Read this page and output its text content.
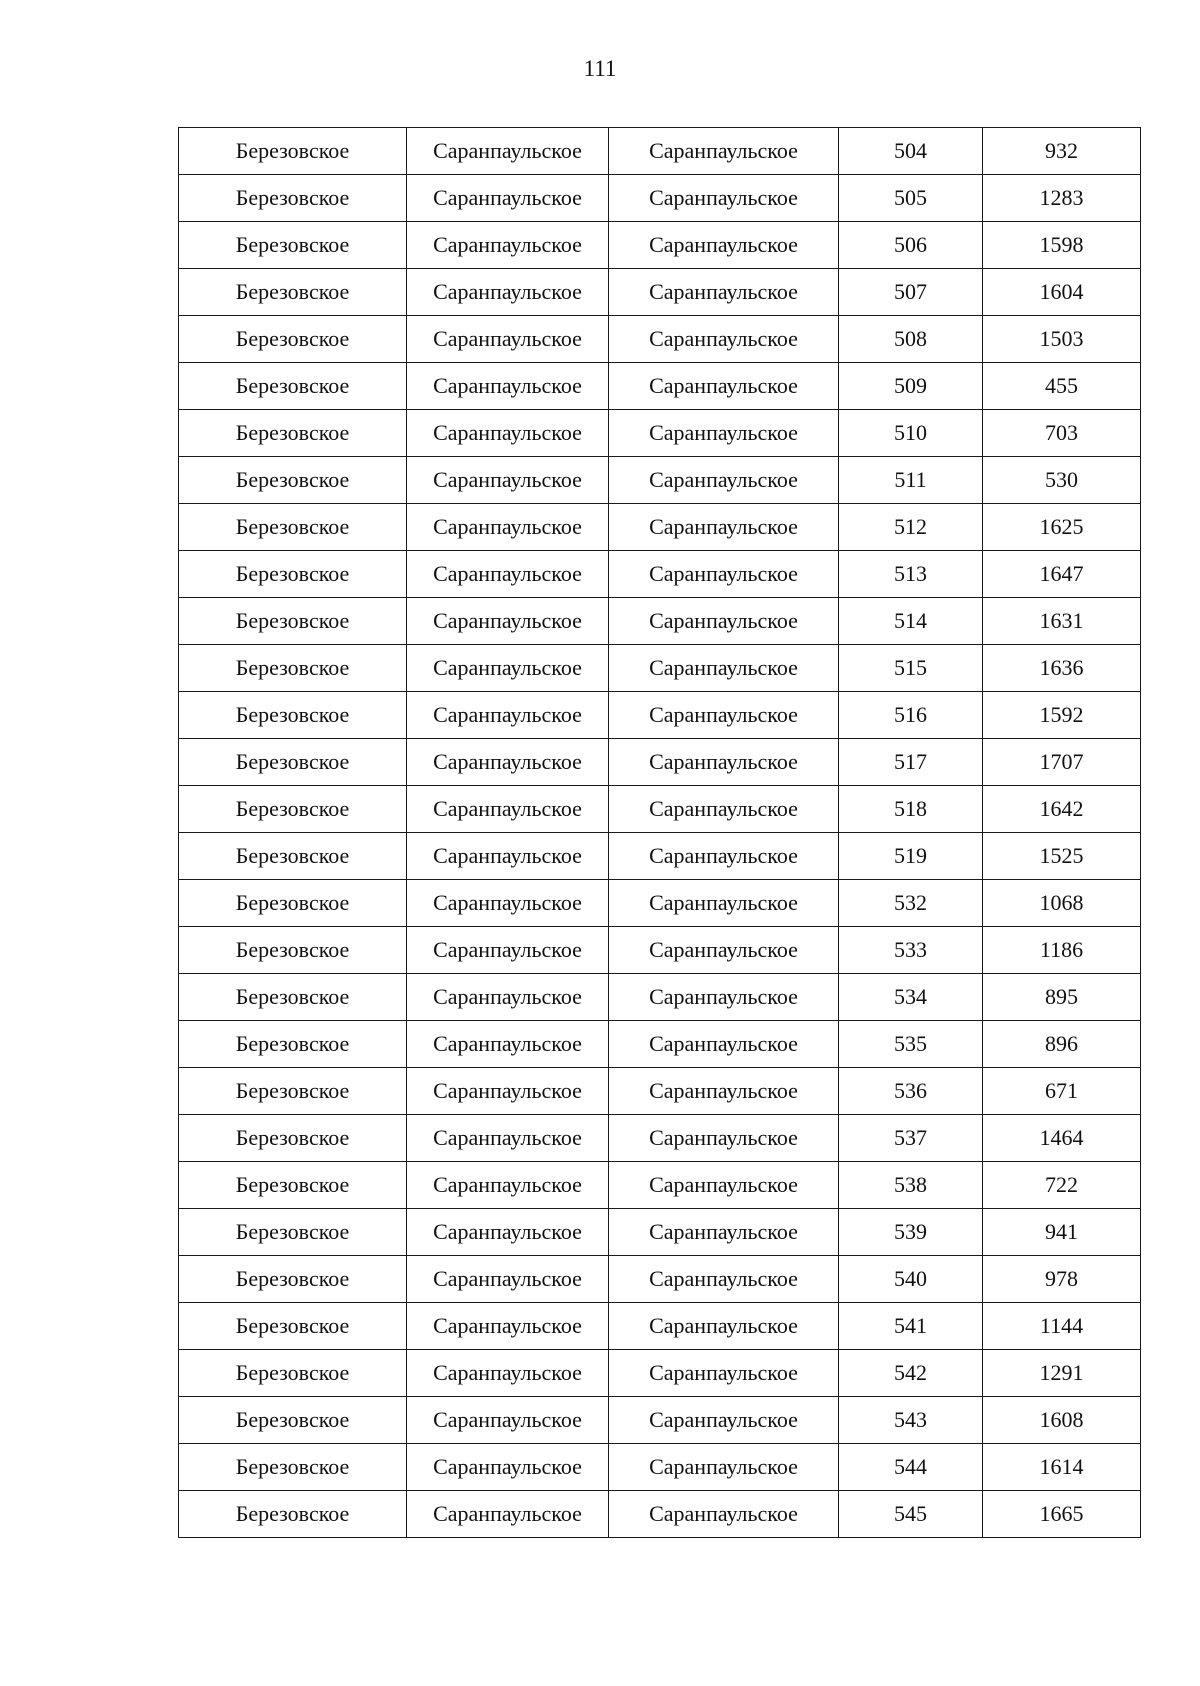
111
Березовское	Саранпаульское	Саранпаульское	504	932
Березовское	Саранпаульское	Саранпаульское	505	1283
Березовское	Саранпаульское	Саранпаульское	506	1598
Березовское	Саранпаульское	Саранпаульское	507	1604
Березовское	Саранпаульское	Саранпаульское	508	1503
Березовское	Саранпаульское	Саранпаульское	509	455
Березовское	Саранпаульское	Саранпаульское	510	703
Березовское	Саранпаульское	Саранпаульское	511	530
Березовское	Саранпаульское	Саранпаульское	512	1625
Березовское	Саранпаульское	Саранпаульское	513	1647
Березовское	Саранпаульское	Саранпаульское	514	1631
Березовское	Саранпаульское	Саранпаульское	515	1636
Березовское	Саранпаульское	Саранпаульское	516	1592
Березовское	Саранпаульское	Саранпаульское	517	1707
Березовское	Саранпаульское	Саранпаульское	518	1642
Березовское	Саранпаульское	Саранпаульское	519	1525
Березовское	Саранпаульское	Саранпаульское	532	1068
Березовское	Саранпаульское	Саранпаульское	533	1186
Березовское	Саранпаульское	Саранпаульское	534	895
Березовское	Саранпаульское	Саранпаульское	535	896
Березовское	Саранпаульское	Саранпаульское	536	671
Березовское	Саранпаульское	Саранпаульское	537	1464
Березовское	Саранпаульское	Саранпаульское	538	722
Березовское	Саранпаульское	Саранпаульское	539	941
Березовское	Саранпаульское	Саранпаульское	540	978
Березовское	Саранпаульское	Саранпаульское	541	1144
Березовское	Саранпаульское	Саранпаульское	542	1291
Березовское	Саранпаульское	Саранпаульское	543	1608
Березовское	Саранпаульское	Саранпаульское	544	1614
Березовское	Саранпаульское	Саранпаульское	545	1665
